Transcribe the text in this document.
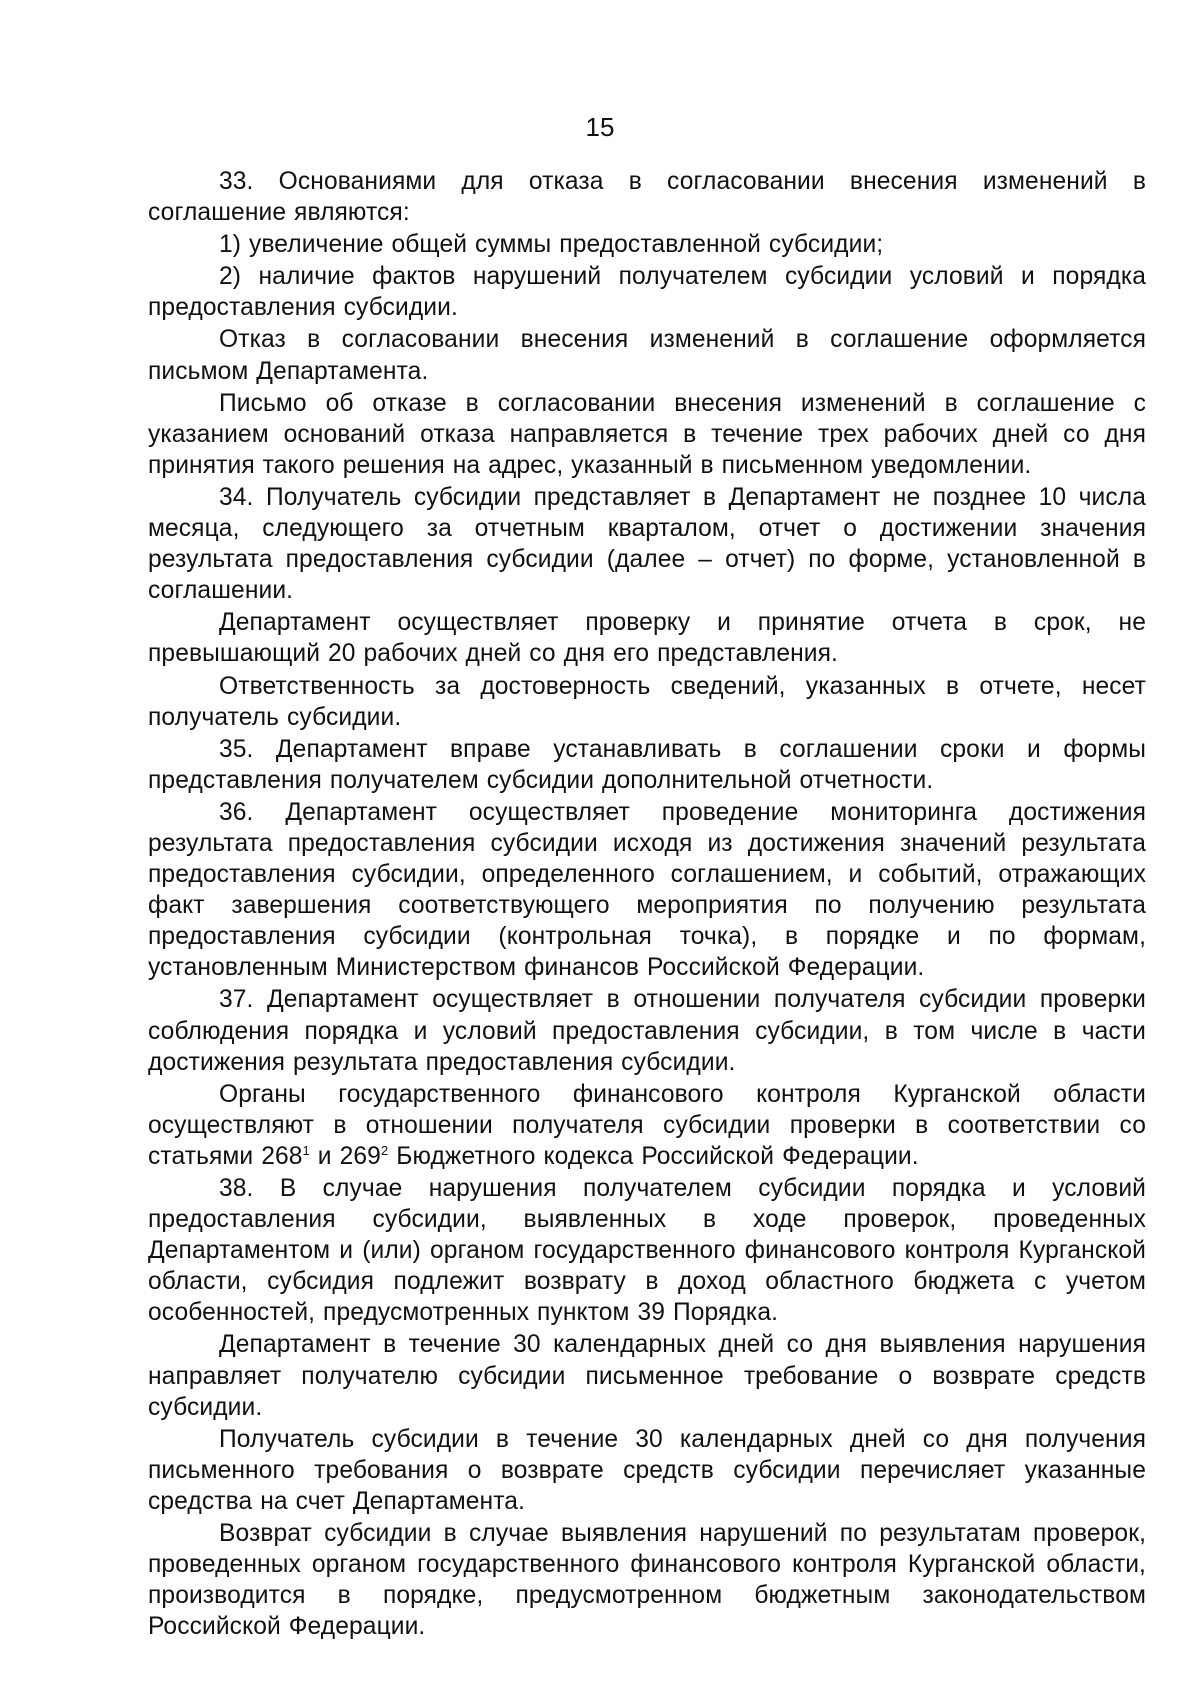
15

33. Основаниями для отказа в согласовании внесения изменений в соглашение являются:

1) увеличение общей суммы предоставленной субсидии;

2) наличие фактов нарушений получателем субсидии условий и порядка предоставления субсидии.

Отказ в согласовании внесения изменений в соглашение оформляется письмом Департамента.

Письмо об отказе в согласовании внесения изменений в соглашение с указанием оснований отказа направляется в течение трех рабочих дней со дня принятия такого решения на адрес, указанный в письменном уведомлении.

34. Получатель субсидии представляет в Департамент не позднее 10 числа месяца, следующего за отчетным кварталом, отчет о достижении значения результата предоставления субсидии (далее – отчет) по форме, установленной в соглашении.

Департамент осуществляет проверку и принятие отчета в срок, не превышающий 20 рабочих дней со дня его представления.

Ответственность за достоверность сведений, указанных в отчете, несет получатель субсидии.

35. Департамент вправе устанавливать в соглашении сроки и формы представления получателем субсидии дополнительной отчетности.

36. Департамент осуществляет проведение мониторинга достижения результата предоставления субсидии исходя из достижения значений результата предоставления субсидии, определенного соглашением, и событий, отражающих факт завершения соответствующего мероприятия по получению результата предоставления субсидии (контрольная точка), в порядке и по формам, установленным Министерством финансов Российской Федерации.

37. Департамент осуществляет в отношении получателя субсидии проверки соблюдения порядка и условий предоставления субсидии, в том числе в части достижения результата предоставления субсидии.

Органы государственного финансового контроля Курганской области осуществляют в отношении получателя субсидии проверки в соответствии со статьями $268^1$ и $269^2$ Бюджетного кодекса Российской Федерации.

38. В случае нарушения получателем субсидии порядка и условий предоставления субсидии, выявленных в ходе проверок, проведенных Департаментом и (или) органом государственного финансового контроля Курганской области, субсидия подлежит возврату в доход областного бюджета с учетом особенностей, предусмотренных пунктом 39 Порядка.

Департамент в течение 30 календарных дней со дня выявления нарушения направляет получателю субсидии письменное требование о возврате средств субсидии.

Получатель субсидии в течение 30 календарных дней со дня получения письменного требования о возврате средств субсидии перечисляет указанные средства на счет Департамента.

Возврат субсидии в случае выявления нарушений по результатам проверок, проведенных органом государственного финансового контроля Курганской области, производится в порядке, предусмотренном бюджетным законодательством Российской Федерации.
